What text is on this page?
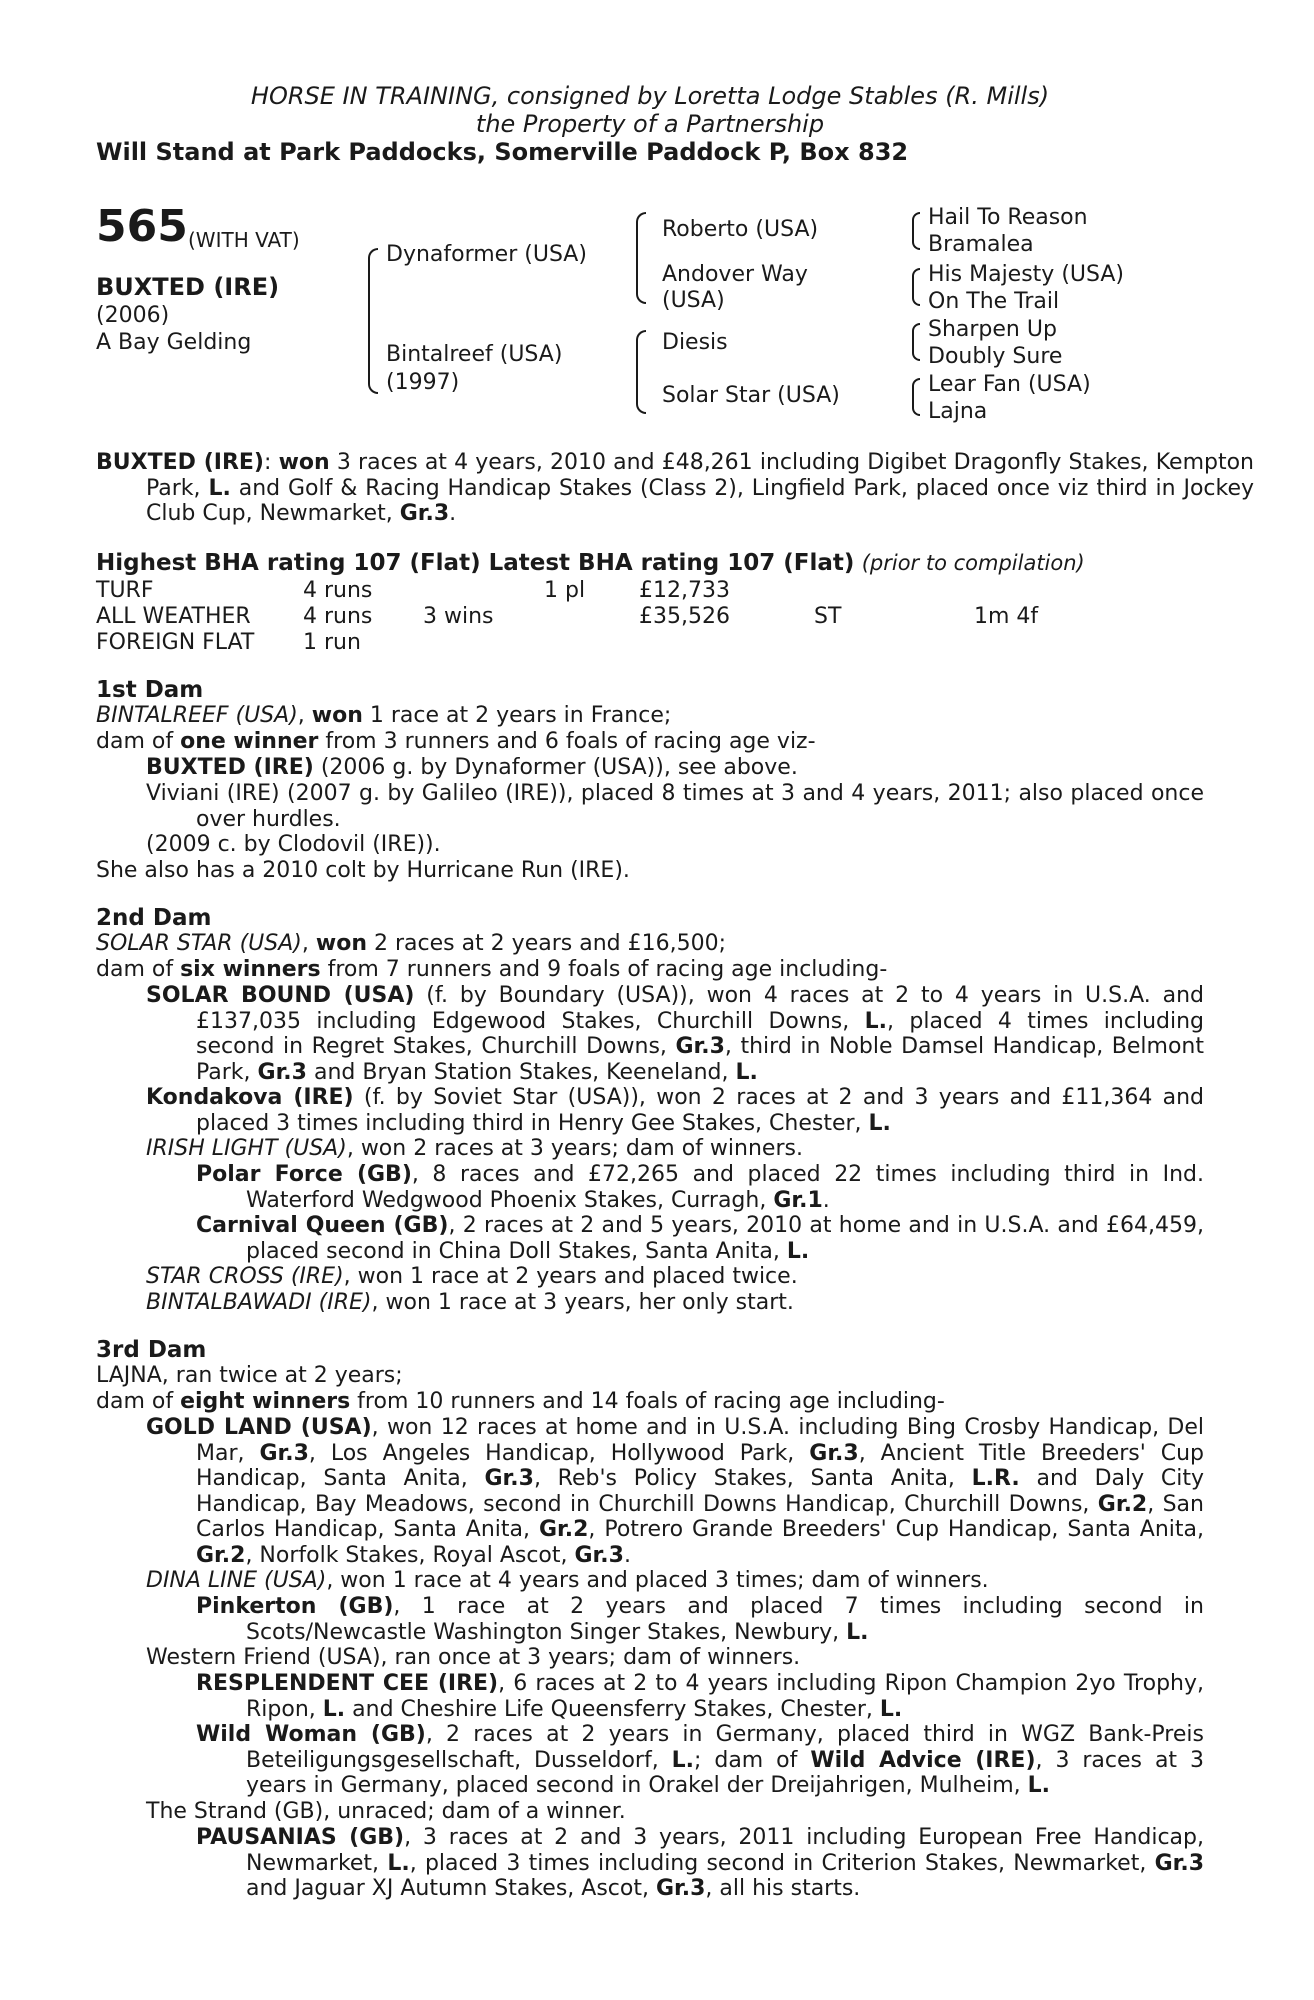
HORSE IN TRAINING, consigned by Loretta Lodge Stables (R. Mills)
the Property of a Partnership
Will Stand at Park Paddocks, Somerville Paddock P, Box 832
565 (WITH VAT)
BUXTED (IRE)
(2006)
A Bay Gelding
Dynaformer (USA)
Bintalreef (USA)
(1997)
Roberto (USA)
Andover Way
(USA)
Diesis
Solar Star (USA)
Hail To Reason
Bramalea
His Majesty (USA)
On The Trail
Sharpen Up
Doubly Sure
Lear Fan (USA)
Lajna
BUXTED (IRE): won 3 races at 4 years, 2010 and £48,261 including Digibet Dragonfly Stakes, Kempton Park, L. and Golf & Racing Handicap Stakes (Class 2), Lingfield Park, placed once viz third in Jockey Club Cup, Newmarket, Gr.3.
Highest BHA rating 107 (Flat) Latest BHA rating 107 (Flat) (prior to compilation)
TURF	4 runs	1 pl £12,733
ALL WEATHER 4 runs 3 wins	£35,526	ST	1m 4f
FOREIGN FLAT 1 run
1st Dam
BINTALREEF (USA), won 1 race at 2 years in France;
dam of one winner from 3 runners and 6 foals of racing age viz-
BUXTED (IRE) (2006 g. by Dynaformer (USA)), see above.
Viviani (IRE) (2007 g. by Galileo (IRE)), placed 8 times at 3 and 4 years, 2011; also placed once over hurdles.
(2009 c. by Clodovil (IRE)).
She also has a 2010 colt by Hurricane Run (IRE).
2nd Dam
SOLAR STAR (USA), won 2 races at 2 years and £16,500;
dam of six winners from 7 runners and 9 foals of racing age including-
SOLAR BOUND (USA) (f. by Boundary (USA)), won 4 races at 2 to 4 years in U.S.A. and £137,035 including Edgewood Stakes, Churchill Downs, L., placed 4 times including second in Regret Stakes, Churchill Downs, Gr.3, third in Noble Damsel Handicap, Belmont Park, Gr.3 and Bryan Station Stakes, Keeneland, L.
Kondakova (IRE) (f. by Soviet Star (USA)), won 2 races at 2 and 3 years and £11,364 and placed 3 times including third in Henry Gee Stakes, Chester, L.
IRISH LIGHT (USA), won 2 races at 3 years; dam of winners.
Polar Force (GB), 8 races and £72,265 and placed 22 times including third in Ind. Waterford Wedgwood Phoenix Stakes, Curragh, Gr.1.
Carnival Queen (GB), 2 races at 2 and 5 years, 2010 at home and in U.S.A. and £64,459, placed second in China Doll Stakes, Santa Anita, L.
STAR CROSS (IRE), won 1 race at 2 years and placed twice.
BINTALBAWADI (IRE), won 1 race at 3 years, her only start.
3rd Dam
LAJNA, ran twice at 2 years;
dam of eight winners from 10 runners and 14 foals of racing age including-
GOLD LAND (USA), won 12 races at home and in U.S.A. including Bing Crosby Handicap, Del Mar, Gr.3, Los Angeles Handicap, Hollywood Park, Gr.3, Ancient Title Breeders' Cup Handicap, Santa Anita, Gr.3, Reb's Policy Stakes, Santa Anita, L.R. and Daly City Handicap, Bay Meadows, second in Churchill Downs Handicap, Churchill Downs, Gr.2, San Carlos Handicap, Santa Anita, Gr.2, Potrero Grande Breeders' Cup Handicap, Santa Anita, Gr.2, Norfolk Stakes, Royal Ascot, Gr.3.
DINA LINE (USA), won 1 race at 4 years and placed 3 times; dam of winners.
Pinkerton (GB), 1 race at 2 years and placed 7 times including second in Scots/Newcastle Washington Singer Stakes, Newbury, L.
Western Friend (USA), ran once at 3 years; dam of winners.
RESPLENDENT CEE (IRE), 6 races at 2 to 4 years including Ripon Champion 2yo Trophy, Ripon, L. and Cheshire Life Queensferry Stakes, Chester, L.
Wild Woman (GB), 2 races at 2 years in Germany, placed third in WGZ Bank-Preis Beteiligungsgesellschaft, Dusseldorf, L.; dam of Wild Advice (IRE), 3 races at 3 years in Germany, placed second in Orakel der Dreijahrigen, Mulheim, L.
The Strand (GB), unraced; dam of a winner.
PAUSANIAS (GB), 3 races at 2 and 3 years, 2011 including European Free Handicap, Newmarket, L., placed 3 times including second in Criterion Stakes, Newmarket, Gr.3 and Jaguar XJ Autumn Stakes, Ascot, Gr.3, all his starts.
